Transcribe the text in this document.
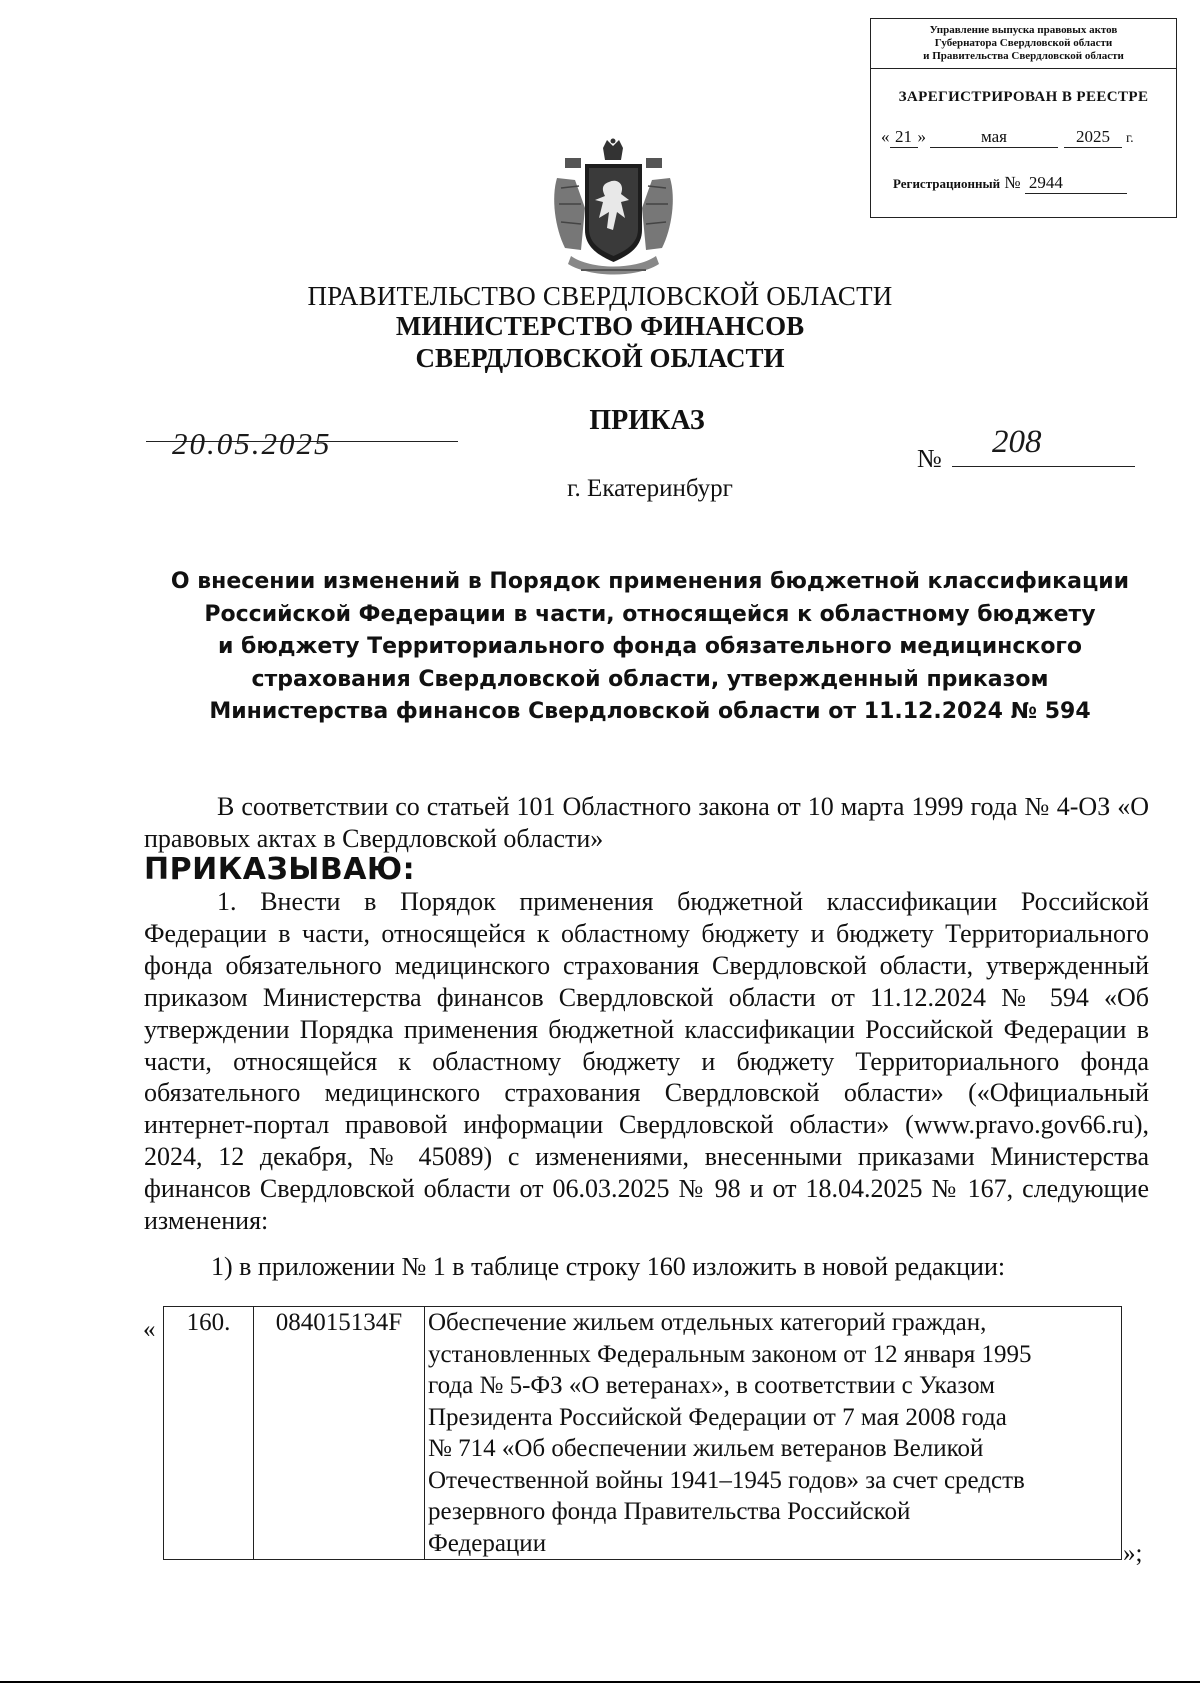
Управление выпуска правовых актов
Губернатора Свердловской области
и Правительства Свердловской области
ЗАРЕГИСТРИРОВАН В РЕЕСТРЕ
« 21 »	мая	2025 г.
Регистрационный № 2944
ПРАВИТЕЛЬСТВО СВЕРДЛОВСКОЙ ОБЛАСТИ
МИНИСТЕРСТВО ФИНАНСОВ
СВЕРДЛОВСКОЙ ОБЛАСТИ
ПРИКАЗ
20.05.2025	№ 208
г. Екатеринбург
О внесении изменений в Порядок применения бюджетной классификации
Российской Федерации в части, относящейся к областному бюджету
и бюджету Территориального фонда обязательного медицинского
страхования Свердловской области, утвержденный приказом
Министерства финансов Свердловской области от 11.12.2024 № 594
В соответствии со статьей 101 Областного закона от 10 марта 1999 года № 4-ОЗ «О правовых актах в Свердловской области»
ПРИКАЗЫВАЮ:
1. Внести в Порядок применения бюджетной классификации Российской Федерации в части, относящейся к областному бюджету и бюджету Территориального фонда обязательного медицинского страхования Свердловской области, утвержденный приказом Министерства финансов Свердловской области от 11.12.2024 № 594 «Об утверждении Порядка применения бюджетной классификации Российской Федерации в части, относящейся к областному бюджету и бюджету Территориального фонда обязательного медицинского страхования Свердловской области» («Официальный интернет-портал правовой информации Свердловской области» (www.pravo.gov66.ru), 2024, 12 декабря, № 45089) с изменениями, внесенными приказами Министерства финансов Свердловской области от 06.03.2025 № 98 и от 18.04.2025 № 167, следующие изменения:
1) в приложении № 1 в таблице строку 160 изложить в новой редакции:
« 160.	084015134F	Обеспечение жильем отдельных категорий граждан,
установленных Федеральным законом от 12 января 1995
года № 5-ФЗ «О ветеранах», в соответствии с Указом
Президента Российской Федерации от 7 мая 2008 года
№ 714 «Об обеспечении жильем ветеранов Великой
Отечественной войны 1941–1945 годов» за счет средств
резервного фонда Правительства Российской
Федерации	»;
